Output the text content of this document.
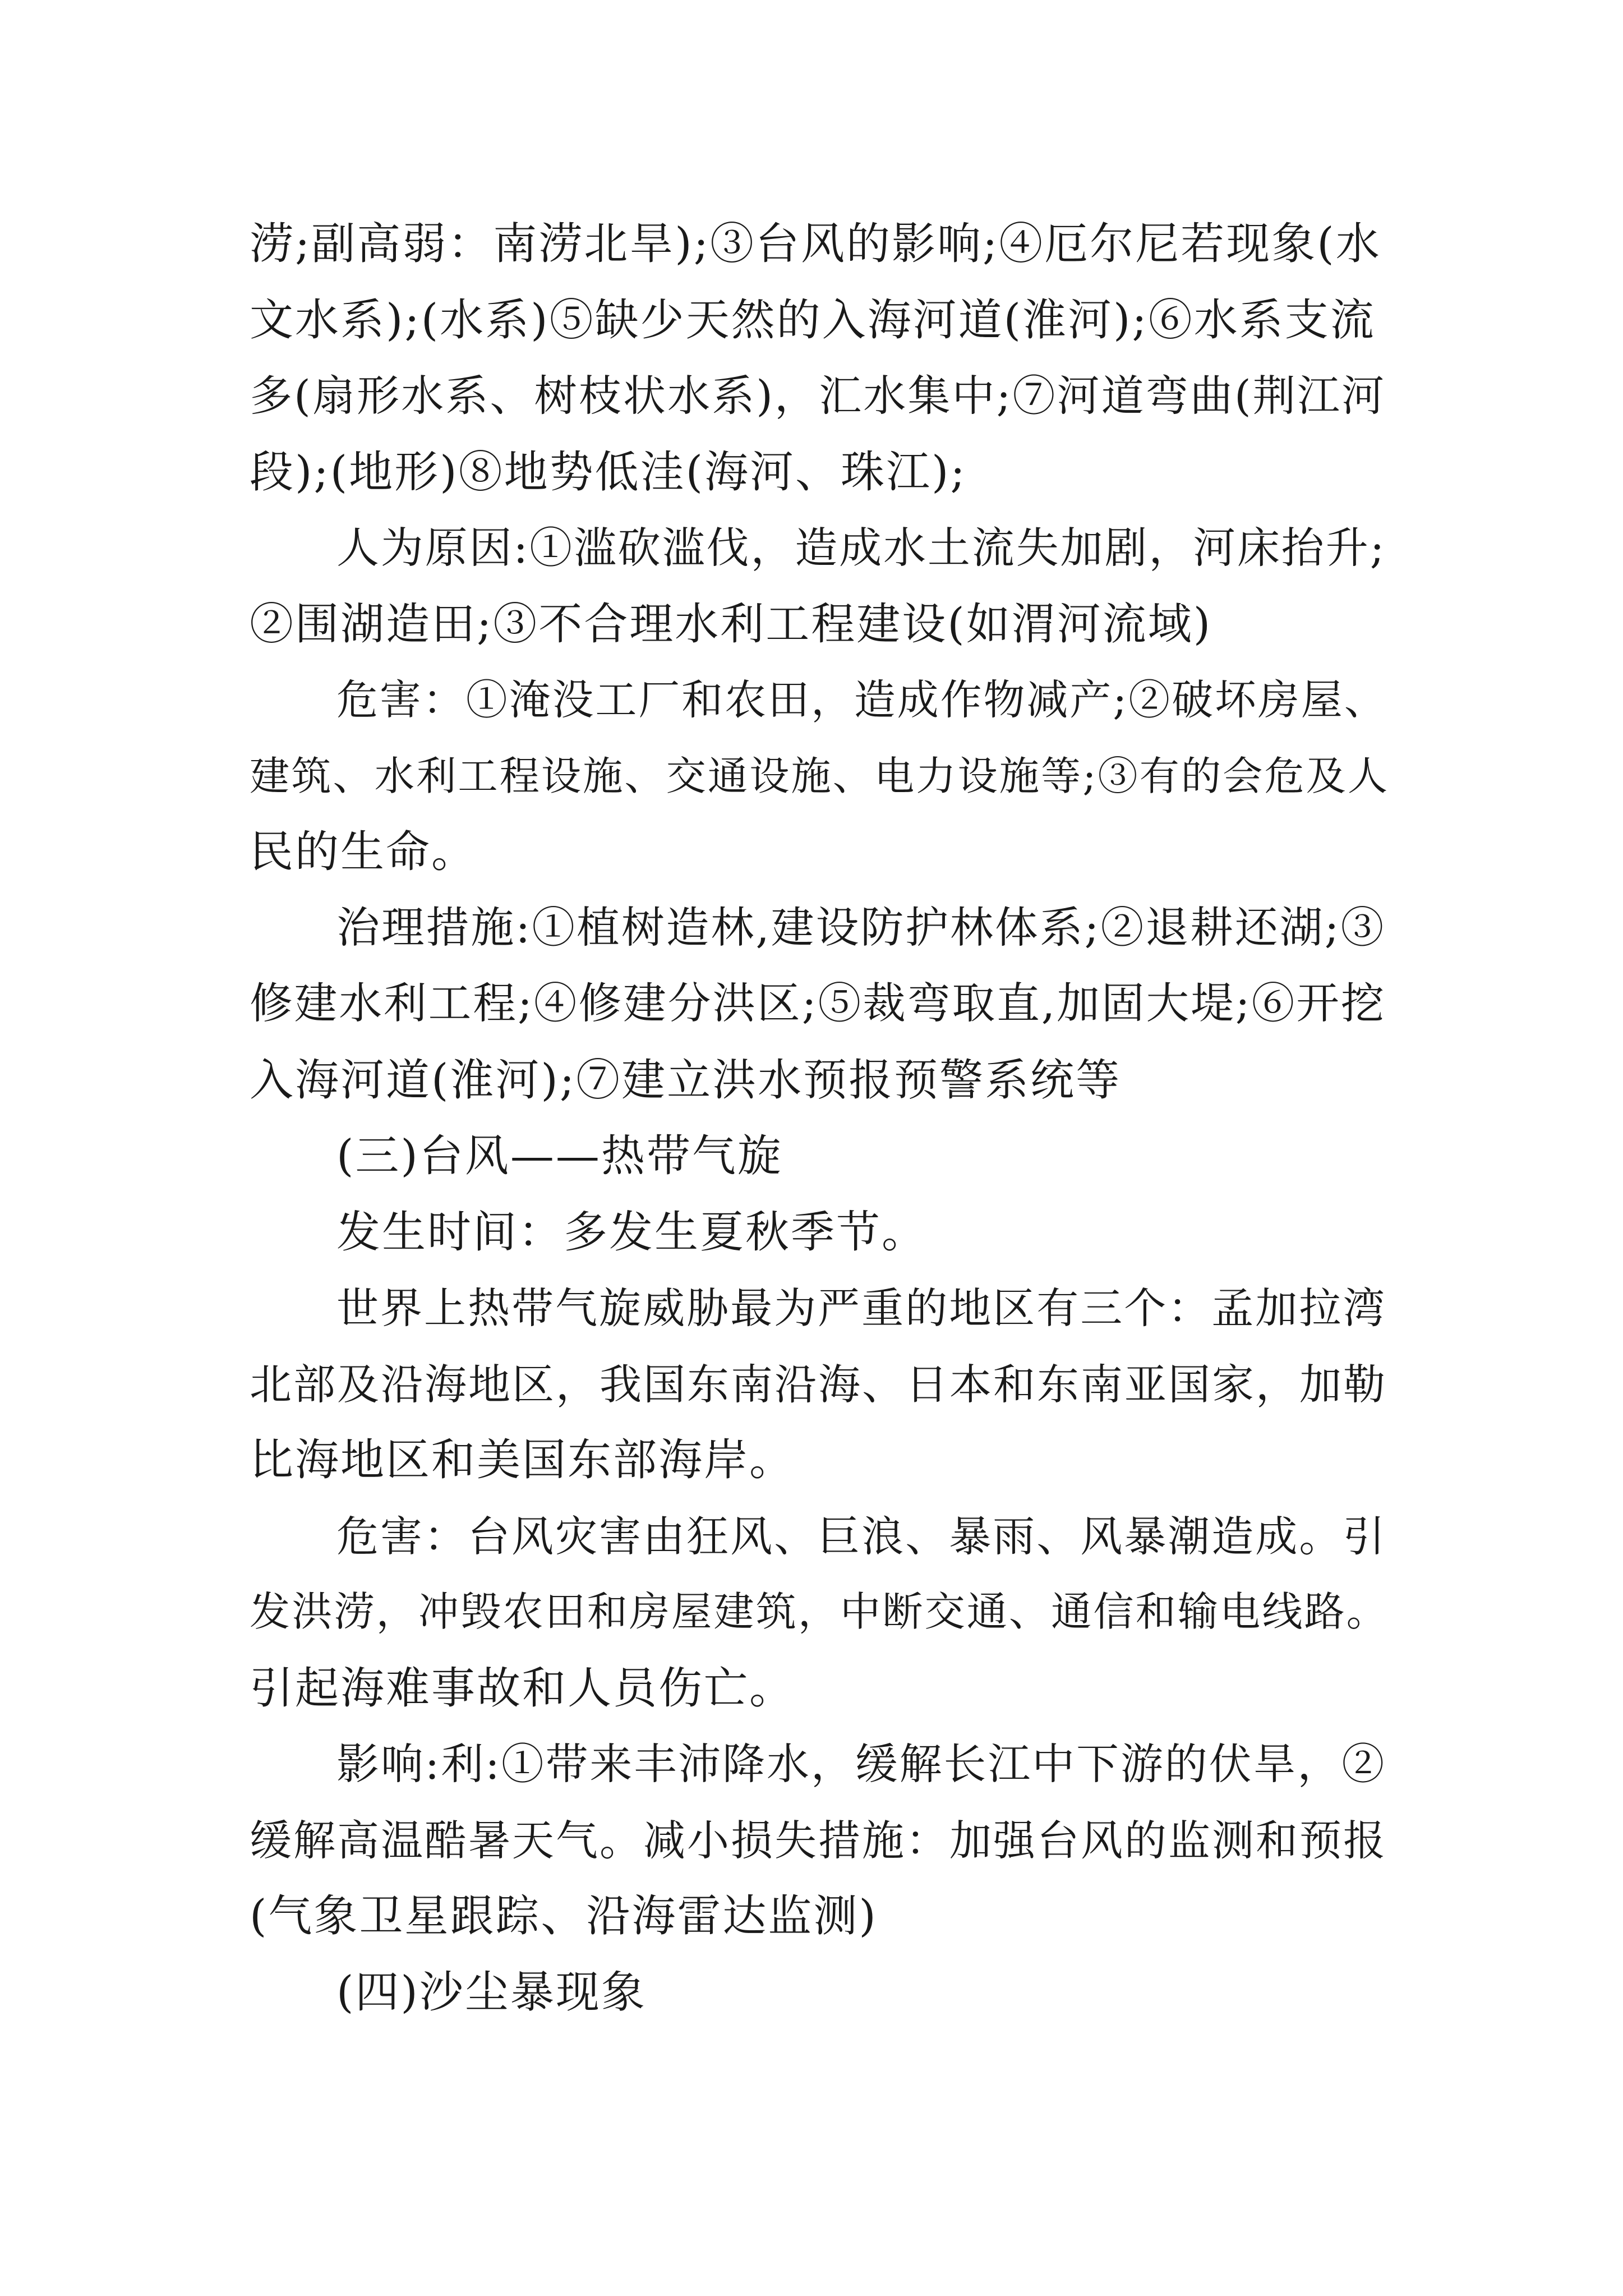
涝;副高弱：南涝北旱);③台风的影响;④厄尔尼若现象(水
文水系);(水系)⑤缺少天然的入海河道(淮河);⑥水系支流
多(扇形水系、树枝状水系)，汇水集中;⑦河道弯曲(荆江河
段);(地形)⑧地势低洼(海河、珠江);
人为原因:①滥砍滥伐，造成水土流失加剧，河床抬升;
②围湖造田;③不合理水利工程建设(如渭河流域)
危害：①淹没工厂和农田，造成作物减产;②破坏房屋、
建筑、水利工程设施、交通设施、电力设施等;③有的会危及人
民的生命。
治理措施:①植树造林,建设防护林体系;②退耕还湖;③
修建水利工程;④修建分洪区;⑤裁弯取直,加固大堤;⑥开挖
入海河道(淮河);⑦建立洪水预报预警系统等
(三)台风——热带气旋
发生时间：多发生夏秋季节。
世界上热带气旋威胁最为严重的地区有三个：孟加拉湾
北部及沿海地区，我国东南沿海、日本和东南亚国家，加勒
比海地区和美国东部海岸。
危害：台风灾害由狂风、巨浪、暴雨、风暴潮造成。引
发洪涝，冲毁农田和房屋建筑，中断交通、通信和输电线路。
引起海难事故和人员伤亡。
影响:利:①带来丰沛降水，缓解长江中下游的伏旱，②
缓解高温酷暑天气。减小损失措施：加强台风的监测和预报
(气象卫星跟踪、沿海雷达监测)
(四)沙尘暴现象
